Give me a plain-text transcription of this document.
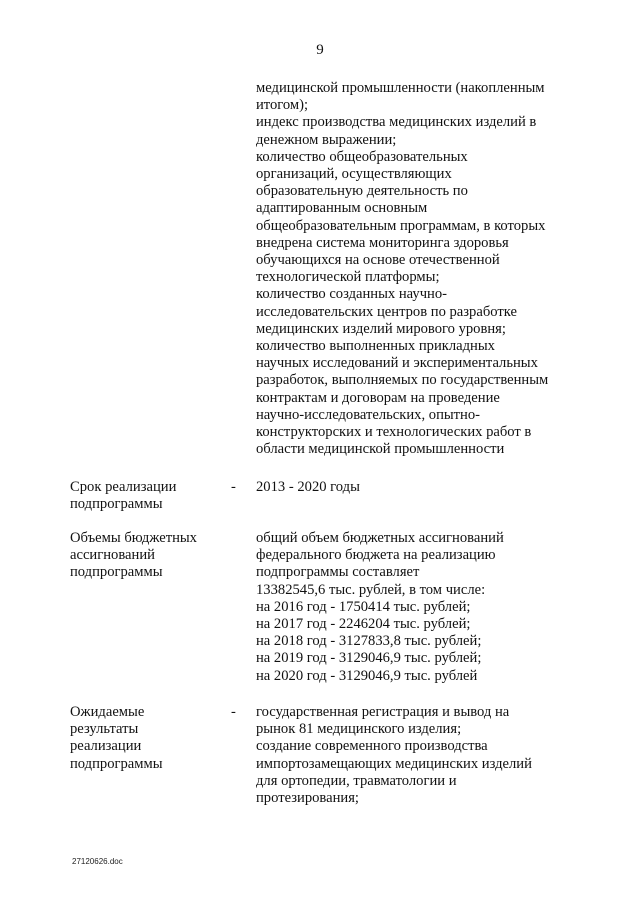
9
медицинской промышленности (накопленным
итогом);
индекс производства медицинских изделий в
денежном выражении;
количество общеобразовательных
организаций, осуществляющих
образовательную деятельность по
адаптированным основным
общеобразовательным программам, в которых
внедрена система мониторинга здоровья
обучающихся на основе отечественной
технологической платформы;
количество созданных научно-
исследовательских центров по разработке
медицинских изделий мирового уровня;
количество выполненных прикладных
научных исследований и экспериментальных
разработок, выполняемых по государственным
контрактам и договорам на проведение
научно-исследовательских, опытно-
конструкторских и технологических работ в
области медицинской промышленности
Срок реализации
подпрограммы
- 2013 - 2020 годы
Объемы бюджетных
ассигнований
подпрограммы
общий объем бюджетных ассигнований
федерального бюджета на реализацию
подпрограммы составляет
13382545,6 тыс. рублей, в том числе:
на 2016 год - 1750414 тыс. рублей;
на 2017 год - 2246204 тыс. рублей;
на 2018 год - 3127833,8 тыс. рублей;
на 2019 год - 3129046,9 тыс. рублей;
на 2020 год - 3129046,9 тыс. рублей
Ожидаемые
результаты
реализации
подпрограммы
- государственная регистрация и вывод на
рынок 81 медицинского изделия;
создание современного производства
импортозамещающих медицинских изделий
для ортопедии, травматологии и
протезирования;
27120626.doc
